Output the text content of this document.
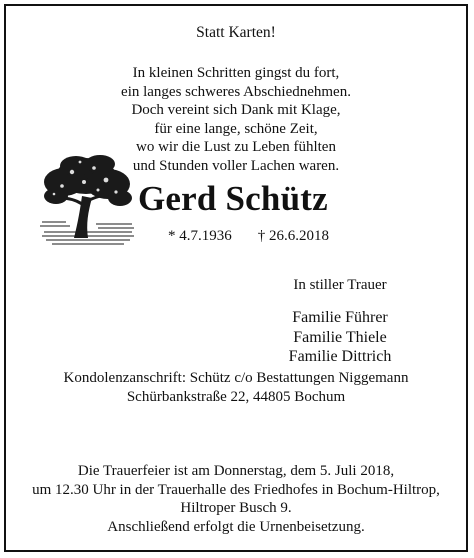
Statt Karten!
In kleinen Schritten gingst du fort,
ein langes schweres Abschiednehmen.
Doch vereint sich Dank mit Klage,
für eine lange, schöne Zeit,
wo wir die Lust zu Leben fühlten
und Stunden voller Lachen waren.
Gerd Schütz
* 4.7.1936 † 26.6.2018
In stiller Trauer
Familie Führer
Familie Thiele
Familie Dittrich
Kondolenzanschrift: Schütz c/o Bestattungen Niggemann
Schürbankstraße 22, 44805 Bochum
Die Trauerfeier ist am Donnerstag, dem 5. Juli 2018,
um 12.30 Uhr in der Trauerhalle des Friedhofes in Bochum-Hiltrop,
Hiltroper Busch 9.
Anschließend erfolgt die Urnenbeisetzung.
